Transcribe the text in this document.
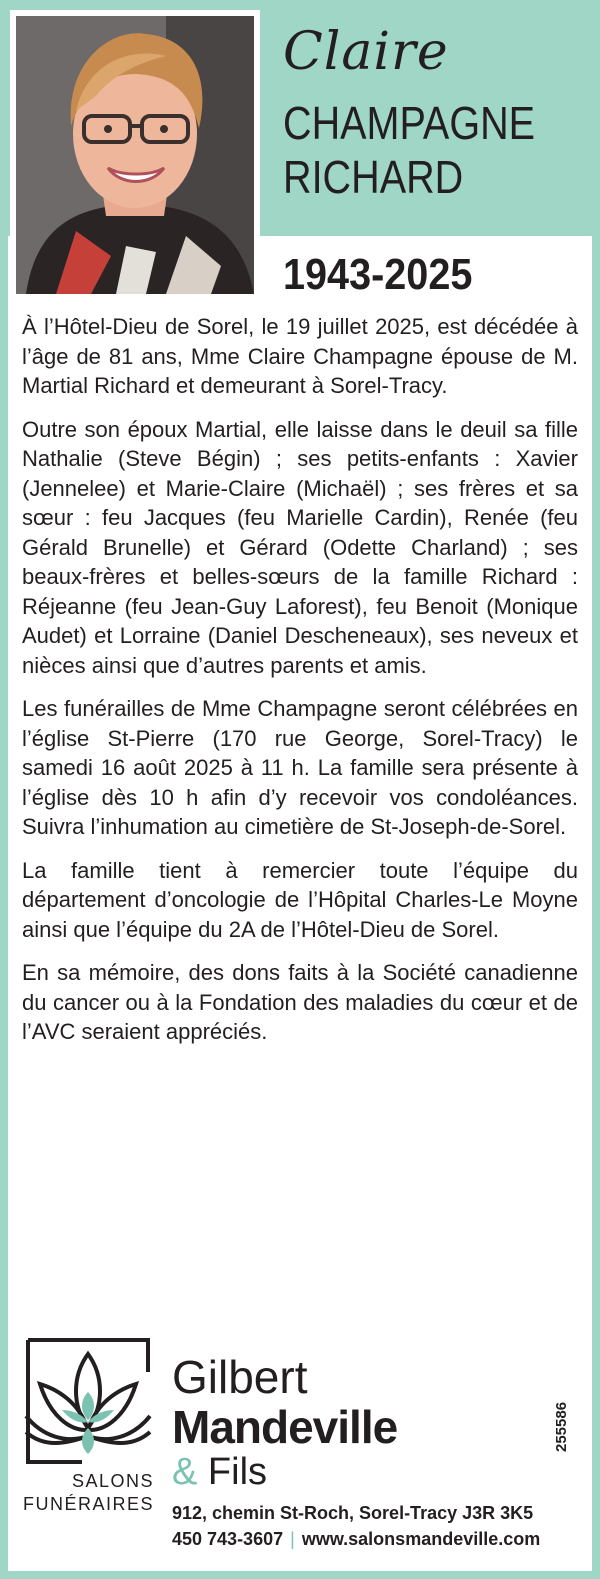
Claire
CHAMPAGNE
RICHARD
1943-2025

À l’Hôtel-Dieu de Sorel, le 19 juillet 2025, est décédée à l’âge de 81 ans, Mme Claire Champagne épouse de M. Martial Richard et demeurant à Sorel-Tracy.

Outre son époux Martial, elle laisse dans le deuil sa fille Nathalie (Steve Bégin) ; ses petits-enfants : Xavier (Jennelee) et Marie-Claire (Michaël) ; ses frères et sa sœur : feu Jacques (feu Marielle Cardin), Renée (feu Gérald Brunelle) et Gérard (Odette Charland) ; ses beaux-frères et belles-sœurs de la famille Richard : Réjeanne (feu Jean-Guy Laforest), feu Benoit (Monique Audet) et Lorraine (Daniel Descheneaux), ses neveux et nièces ainsi que d’autres parents et amis.

Les funérailles de Mme Champagne seront célébrées en l’église St-Pierre (170 rue George, Sorel-Tracy) le samedi 16 août 2025 à 11 h. La famille sera présente à l’église dès 10 h afin d’y recevoir vos condoléances. Suivra l’inhumation au cimetière de St-Joseph-de-Sorel.

La famille tient à remercier toute l’équipe du département d’oncologie de l’Hôpital Charles-Le Moyne ainsi que l’équipe du 2A de l’Hôtel-Dieu de Sorel.

En sa mémoire, des dons faits à la Société canadienne du cancer ou à la Fondation des maladies du cœur et de l’AVC seraient appréciés.

SALONS
FUNÉRAIRES
Gilbert
Mandeville
& Fils
912, chemin St-Roch, Sorel-Tracy J3R 3K5
450 743-3607 | www.salonsmandeville.com
255586
